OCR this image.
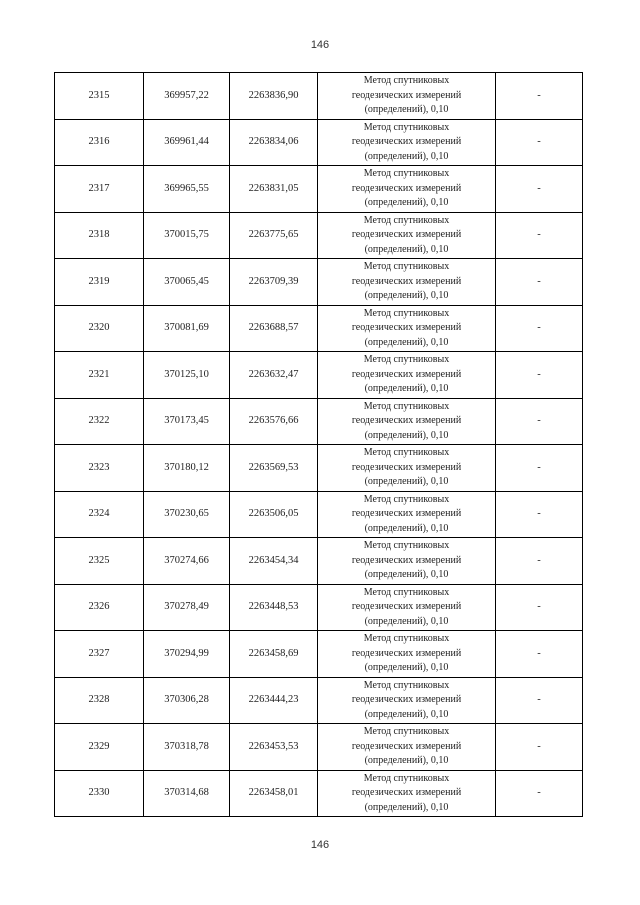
146
2315	369957,22	2263836,90	Метод спутниковых
геодезических измерений
(определений), 0,10	-
2316	369961,44	2263834,06	Метод спутниковых
геодезических измерений
(определений), 0,10	-
2317	369965,55	2263831,05	Метод спутниковых
геодезических измерений
(определений), 0,10	-
2318	370015,75	2263775,65	Метод спутниковых
геодезических измерений
(определений), 0,10	-
2319	370065,45	2263709,39	Метод спутниковых
геодезических измерений
(определений), 0,10	-
2320	370081,69	2263688,57	Метод спутниковых
геодезических измерений
(определений), 0,10	-
2321	370125,10	2263632,47	Метод спутниковых
геодезических измерений
(определений), 0,10	-
2322	370173,45	2263576,66	Метод спутниковых
геодезических измерений
(определений), 0,10	-
2323	370180,12	2263569,53	Метод спутниковых
геодезических измерений
(определений), 0,10	-
2324	370230,65	2263506,05	Метод спутниковых
геодезических измерений
(определений), 0,10	-
2325	370274,66	2263454,34	Метод спутниковых
геодезических измерений
(определений), 0,10	-
2326	370278,49	2263448,53	Метод спутниковых
геодезических измерений
(определений), 0,10	-
2327	370294,99	2263458,69	Метод спутниковых
геодезических измерений
(определений), 0,10	-
2328	370306,28	2263444,23	Метод спутниковых
геодезических измерений
(определений), 0,10	-
2329	370318,78	2263453,53	Метод спутниковых
геодезических измерений
(определений), 0,10	-
2330	370314,68	2263458,01	Метод спутниковых
геодезических измерений
(определений), 0,10	-
146
